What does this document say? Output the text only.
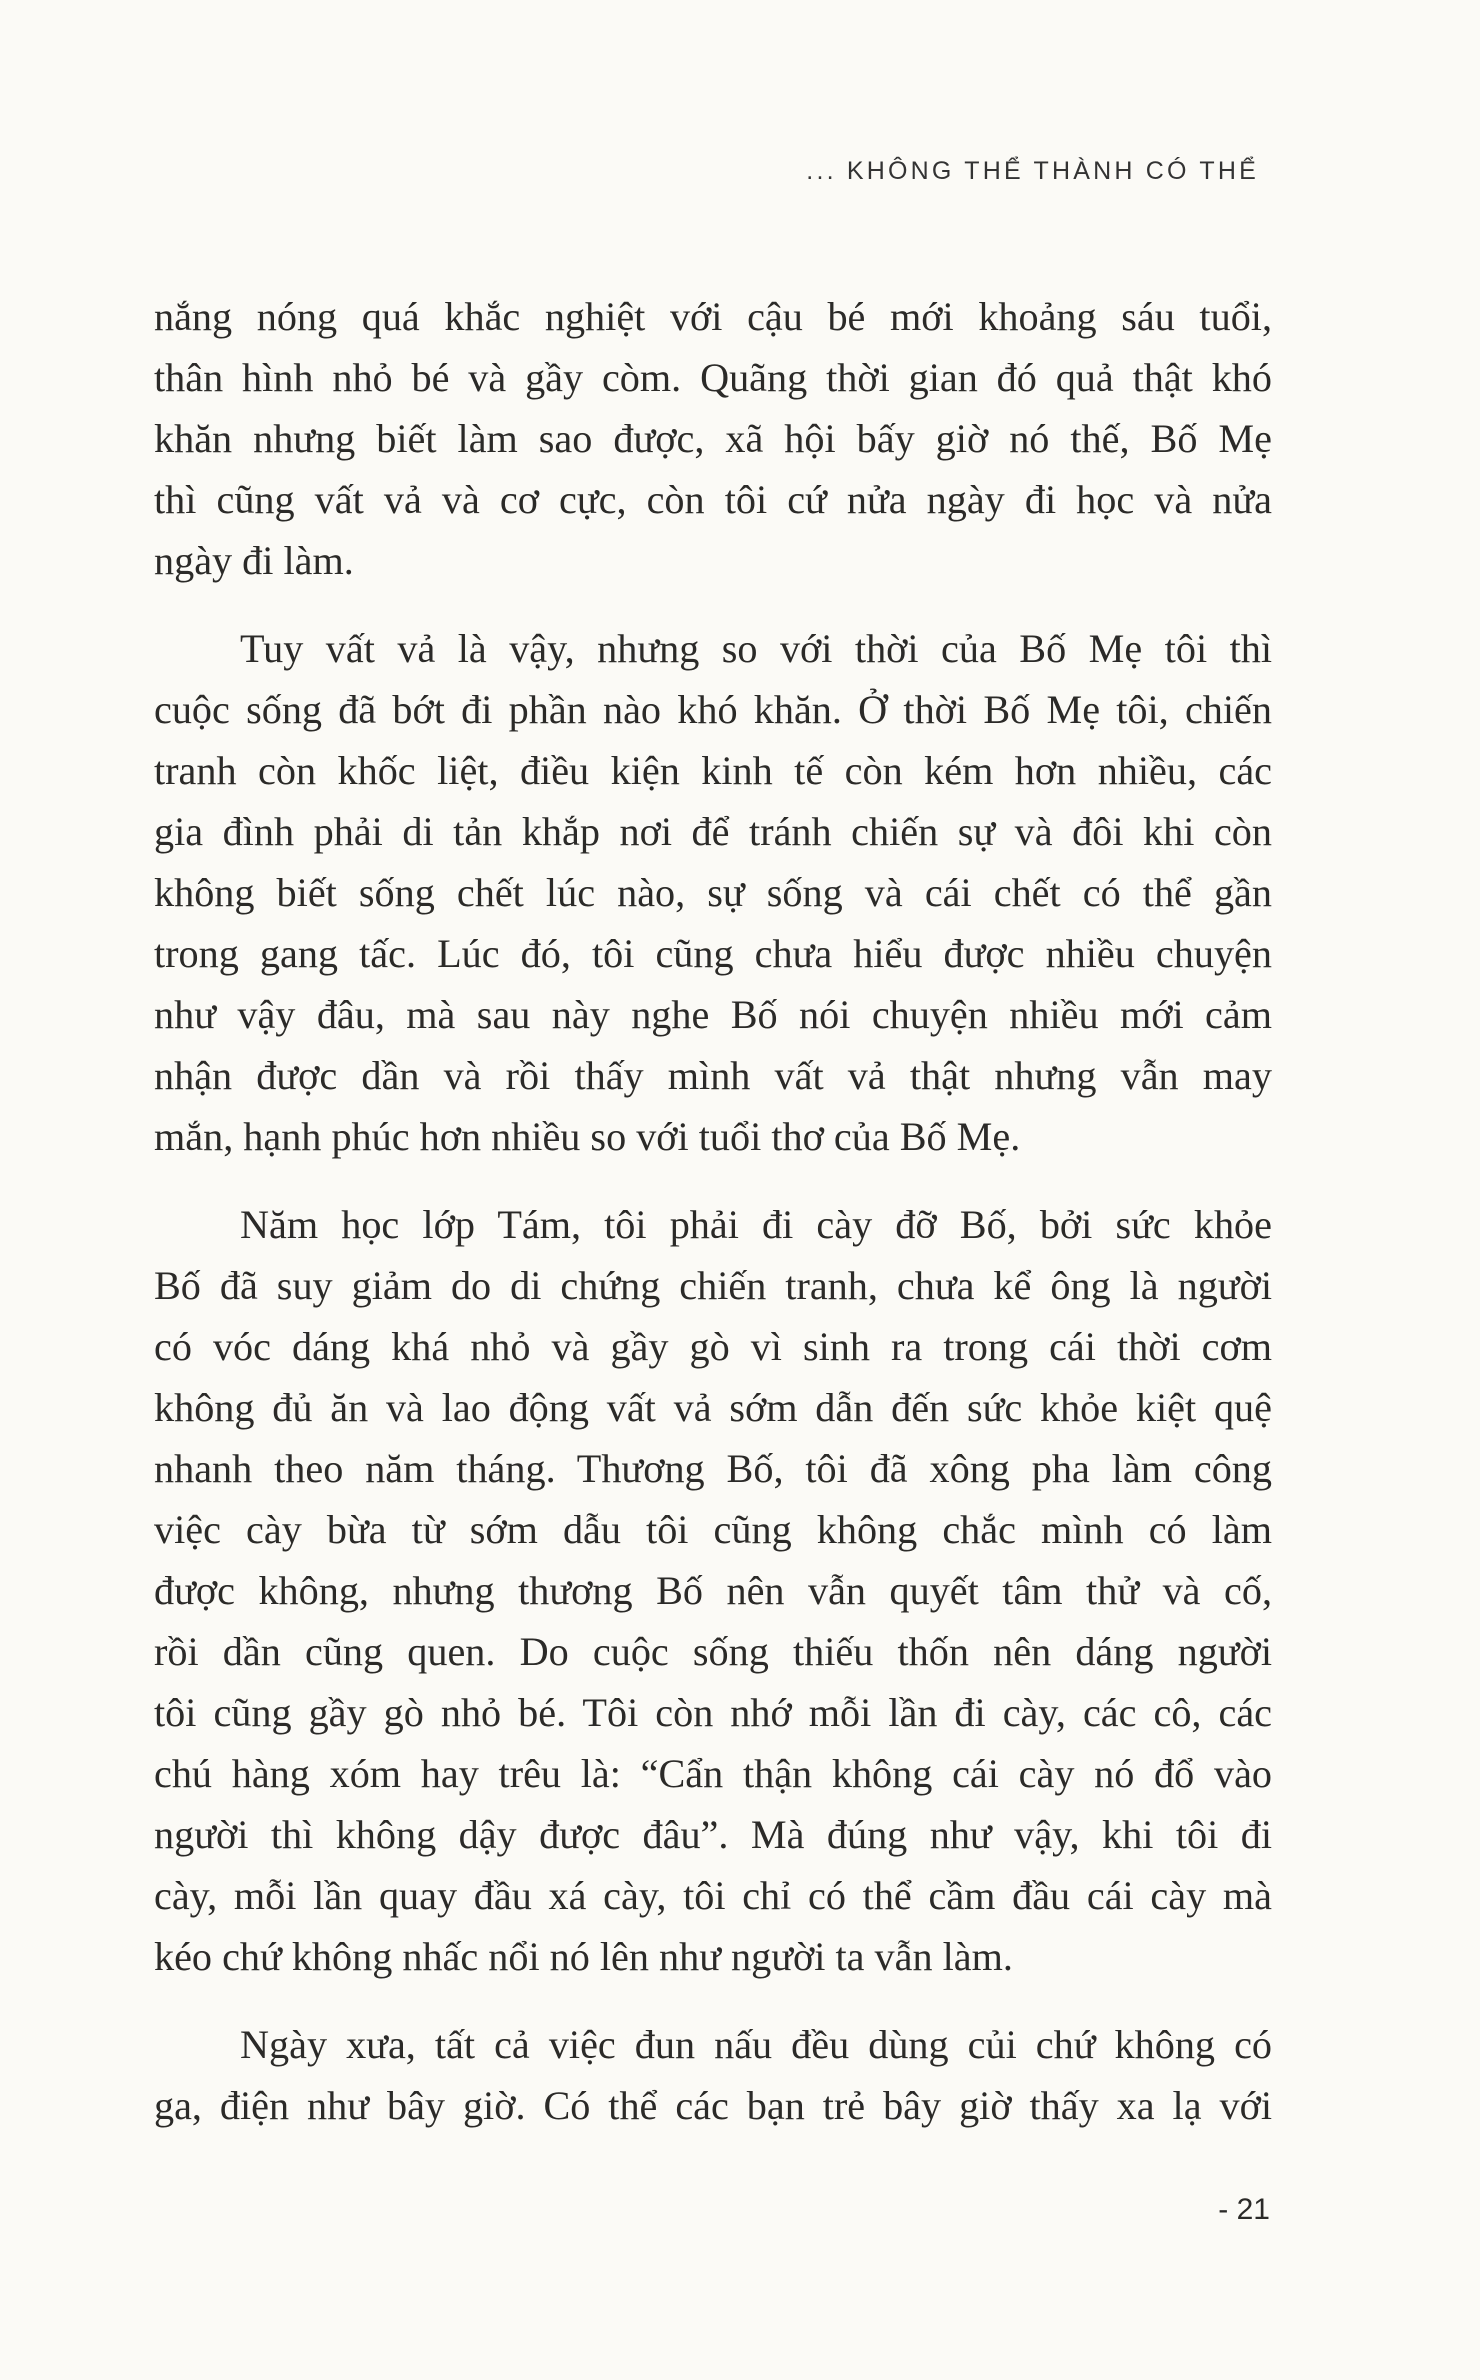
... KHÔNG THỂ THÀNH CÓ THỂ
nắng nóng quá khắc nghiệt với cậu bé mới khoảng sáu tuổi,
thân hình nhỏ bé và gầy còm. Quãng thời gian đó quả thật khó
khăn nhưng biết làm sao được, xã hội bấy giờ nó thế, Bố Mẹ
thì cũng vất vả và cơ cực, còn tôi cứ nửa ngày đi học và nửa
ngày đi làm.
Tuy vất vả là vậy, nhưng so với thời của Bố Mẹ tôi thì
cuộc sống đã bớt đi phần nào khó khăn. Ở thời Bố Mẹ tôi, chiến
tranh còn khốc liệt, điều kiện kinh tế còn kém hơn nhiều, các
gia đình phải di tản khắp nơi để tránh chiến sự và đôi khi còn
không biết sống chết lúc nào, sự sống và cái chết có thể gần
trong gang tấc. Lúc đó, tôi cũng chưa hiểu được nhiều chuyện
như vậy đâu, mà sau này nghe Bố nói chuyện nhiều mới cảm
nhận được dần và rồi thấy mình vất vả thật nhưng vẫn may
mắn, hạnh phúc hơn nhiều so với tuổi thơ của Bố Mẹ.
Năm học lớp Tám, tôi phải đi cày đỡ Bố, bởi sức khỏe
Bố đã suy giảm do di chứng chiến tranh, chưa kể ông là người
có vóc dáng khá nhỏ và gầy gò vì sinh ra trong cái thời cơm
không đủ ăn và lao động vất vả sớm dẫn đến sức khỏe kiệt quệ
nhanh theo năm tháng. Thương Bố, tôi đã xông pha làm công
việc cày bừa từ sớm dẫu tôi cũng không chắc mình có làm
được không, nhưng thương Bố nên vẫn quyết tâm thử và cố,
rồi dần cũng quen. Do cuộc sống thiếu thốn nên dáng người
tôi cũng gầy gò nhỏ bé. Tôi còn nhớ mỗi lần đi cày, các cô, các
chú hàng xóm hay trêu là: “Cẩn thận không cái cày nó đổ vào
người thì không dậy được đâu”. Mà đúng như vậy, khi tôi đi
cày, mỗi lần quay đầu xá cày, tôi chỉ có thể cầm đầu cái cày mà
kéo chứ không nhấc nổi nó lên như người ta vẫn làm.
Ngày xưa, tất cả việc đun nấu đều dùng củi chứ không có
ga, điện như bây giờ. Có thể các bạn trẻ bây giờ thấy xa lạ với
- 21
